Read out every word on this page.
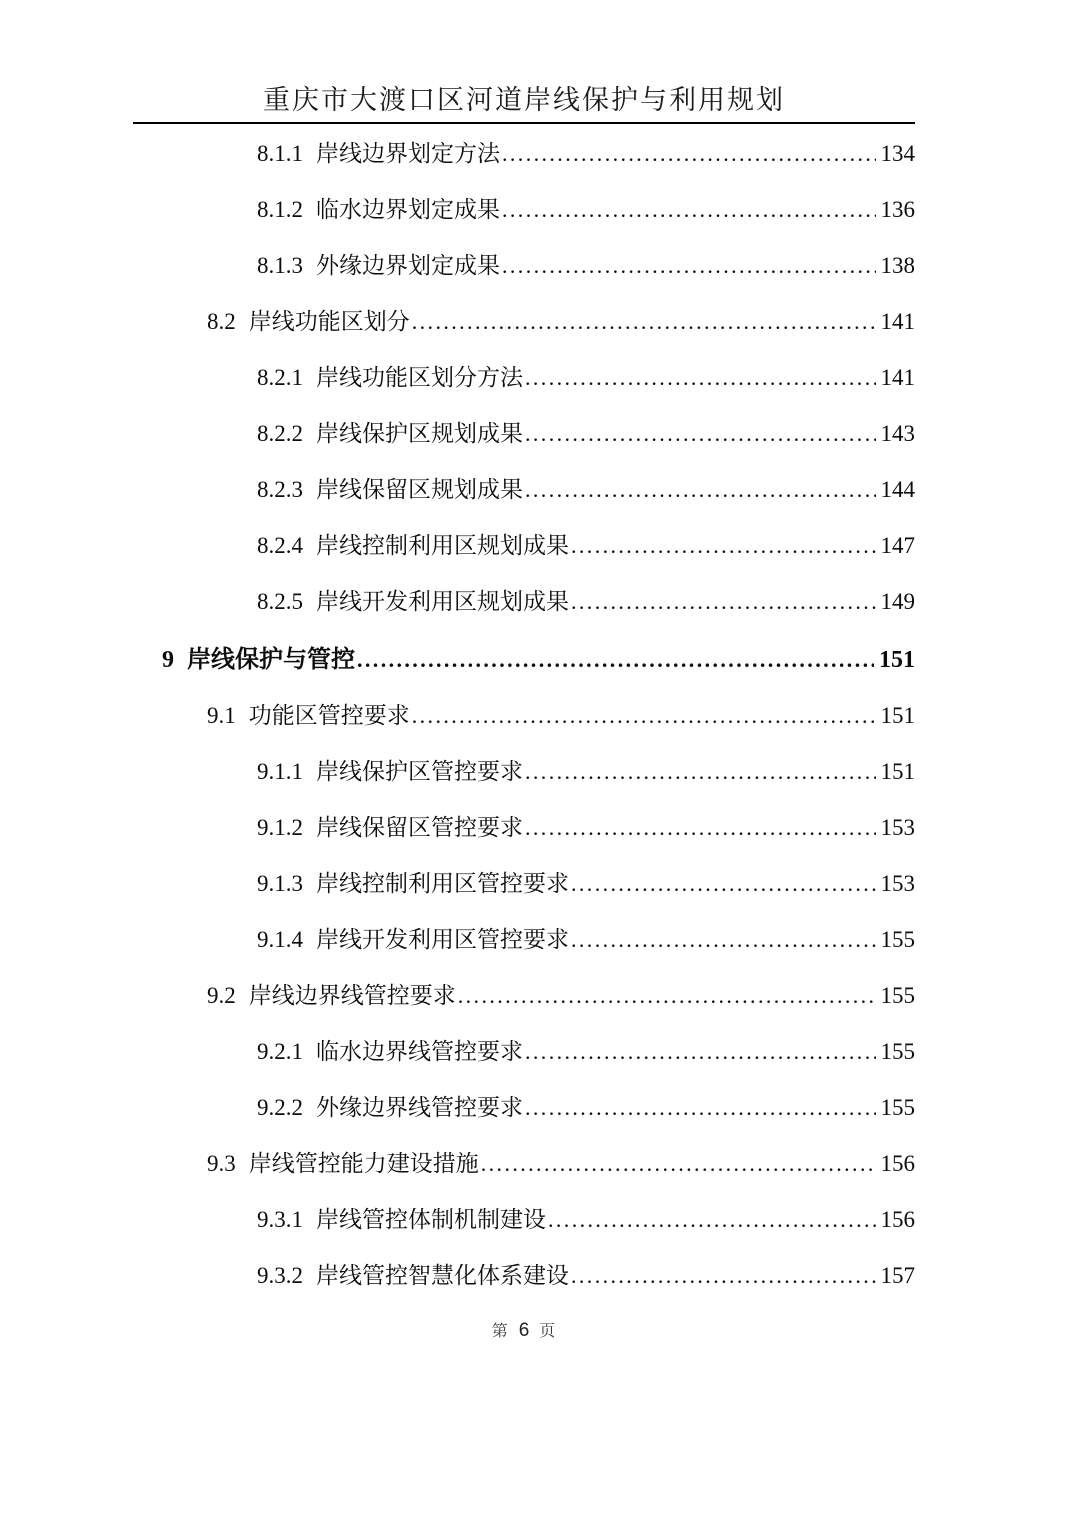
重庆市大渡口区河道岸线保护与利用规划
8.1.1 岸线边界划定方法 .....	134
8.1.2 临水边界划定成果 .....	136
8.1.3 外缘边界划定成果 .....	138
8.2 岸线功能区划分 .....	141
8.2.1 岸线功能区划分方法 .....	141
8.2.2 岸线保护区规划成果 .....	143
8.2.3 岸线保留区规划成果 .....	144
8.2.4 岸线控制利用区规划成果 .....	147
8.2.5 岸线开发利用区规划成果 .....	149
9 岸线保护与管控 .....	151
9.1 功能区管控要求 .....	151
9.1.1 岸线保护区管控要求 .....	151
9.1.2 岸线保留区管控要求 .....	153
9.1.3 岸线控制利用区管控要求 .....	153
9.1.4 岸线开发利用区管控要求 .....	155
9.2 岸线边界线管控要求 .....	155
9.2.1 临水边界线管控要求 .....	155
9.2.2 外缘边界线管控要求 .....	155
9.3 岸线管控能力建设措施 .....	156
9.3.1 岸线管控体制机制建设 .....	156
9.3.2 岸线管控智慧化体系建设 .....	157
第 6 页
